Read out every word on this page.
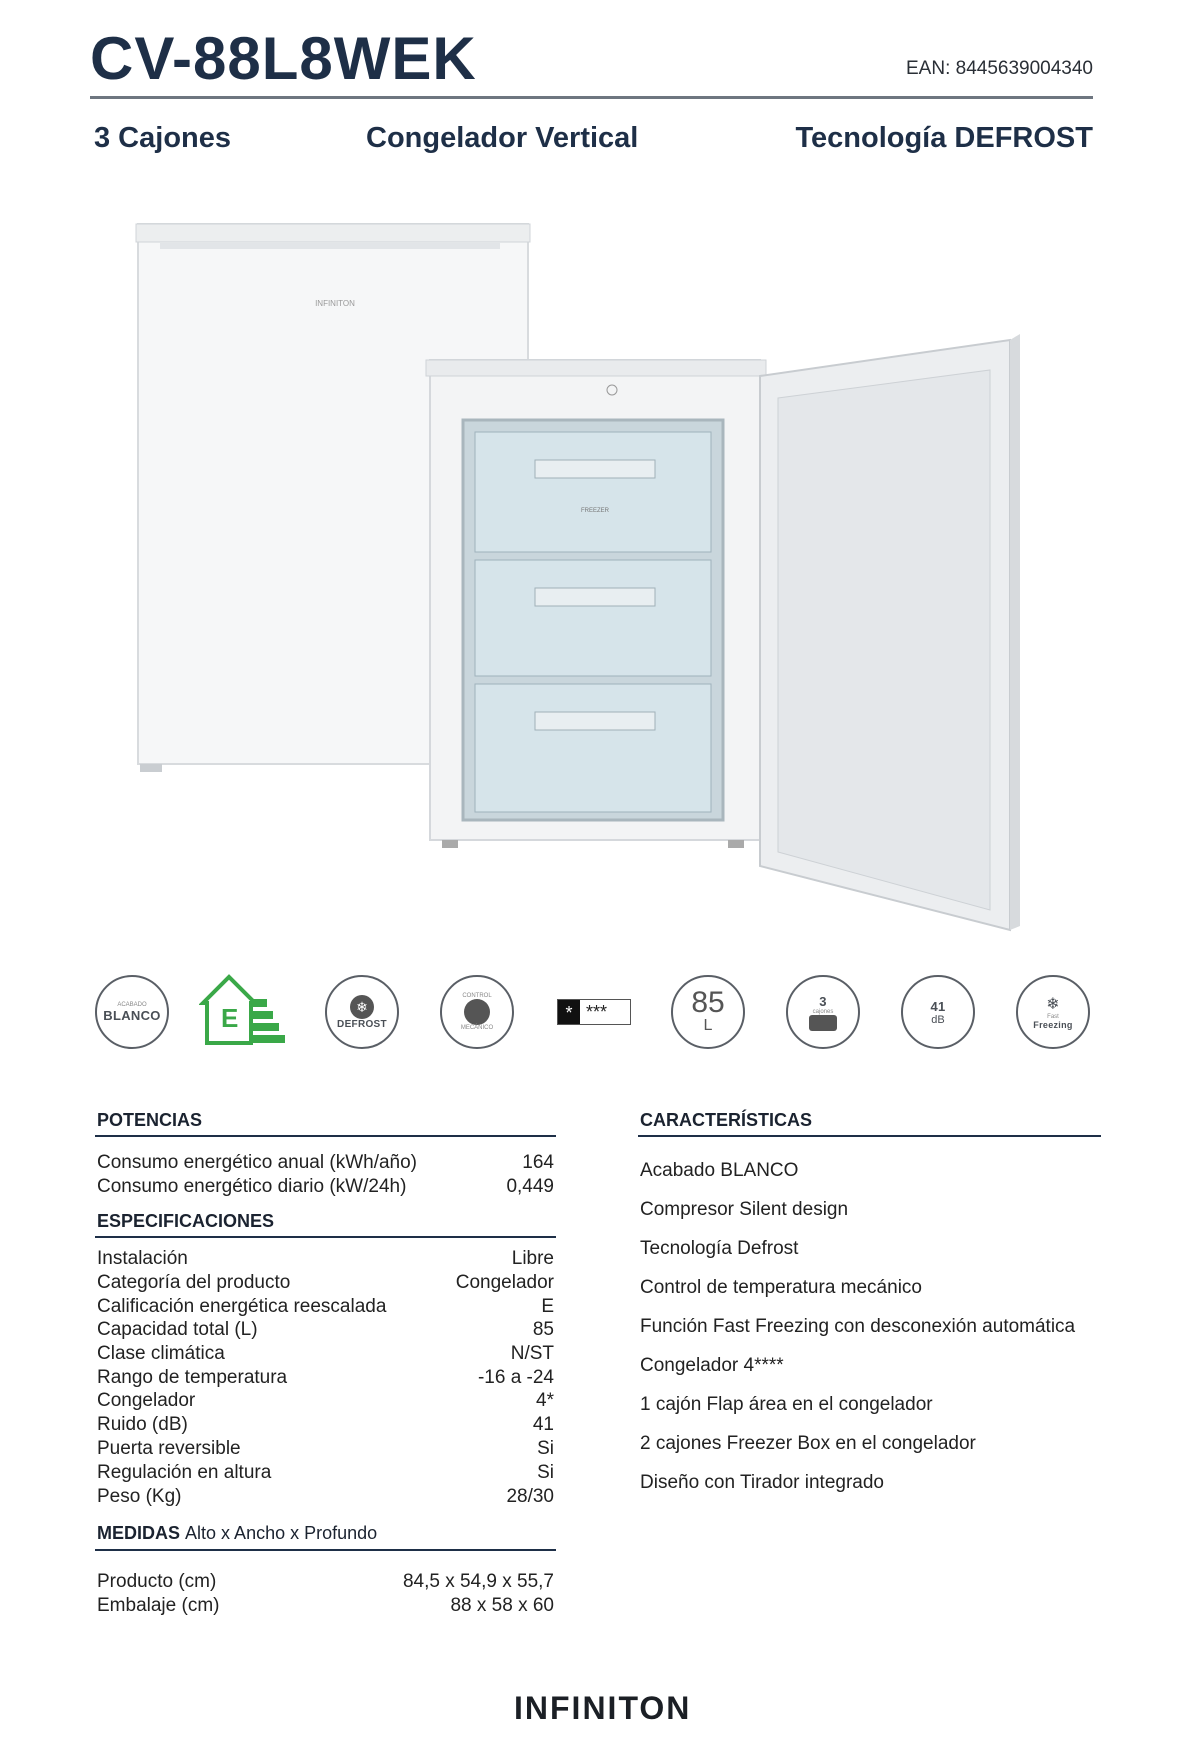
CV-88L8WEK	EAN: 8445639004340
3 Cajones	Congelador Vertical	Tecnología DEFROST
INFINITON
FREEZER
ACABADO
BLANCO E	❄
DEFROST
CONTROL
MECÁNICO
* ***	85
L
3
cajones	41
dB
❄
Fast
Freezing
POTENCIAS
Consumo energético anual (kWh/año)	164
Consumo energético diario (kW/24h)	0,449
ESPECIFICACIONES
Instalación	Libre
Categoría del producto	Congelador
Calificación energética reescalada	E
Capacidad total (L)	85
Clase climática	N/ST
Rango de temperatura	-16 a -24
Congelador	4*
Ruido (dB)	41
Puerta reversible	Si
Regulación en altura	Si
Peso (Kg)	28/30
MEDIDAS Alto x Ancho x Profundo
Producto (cm)	84,5 x 54,9 x 55,7
Embalaje (cm)	88 x 58 x 60
CARACTERÍSTICAS
Acabado BLANCO
Compresor Silent design
Tecnología Defrost
Control de temperatura mecánico
Función Fast Freezing con desconexión automática
Congelador 4****
1 cajón Flap área en el congelador
2 cajones Freezer Box en el congelador
Diseño con Tirador integrado
INFINITON
